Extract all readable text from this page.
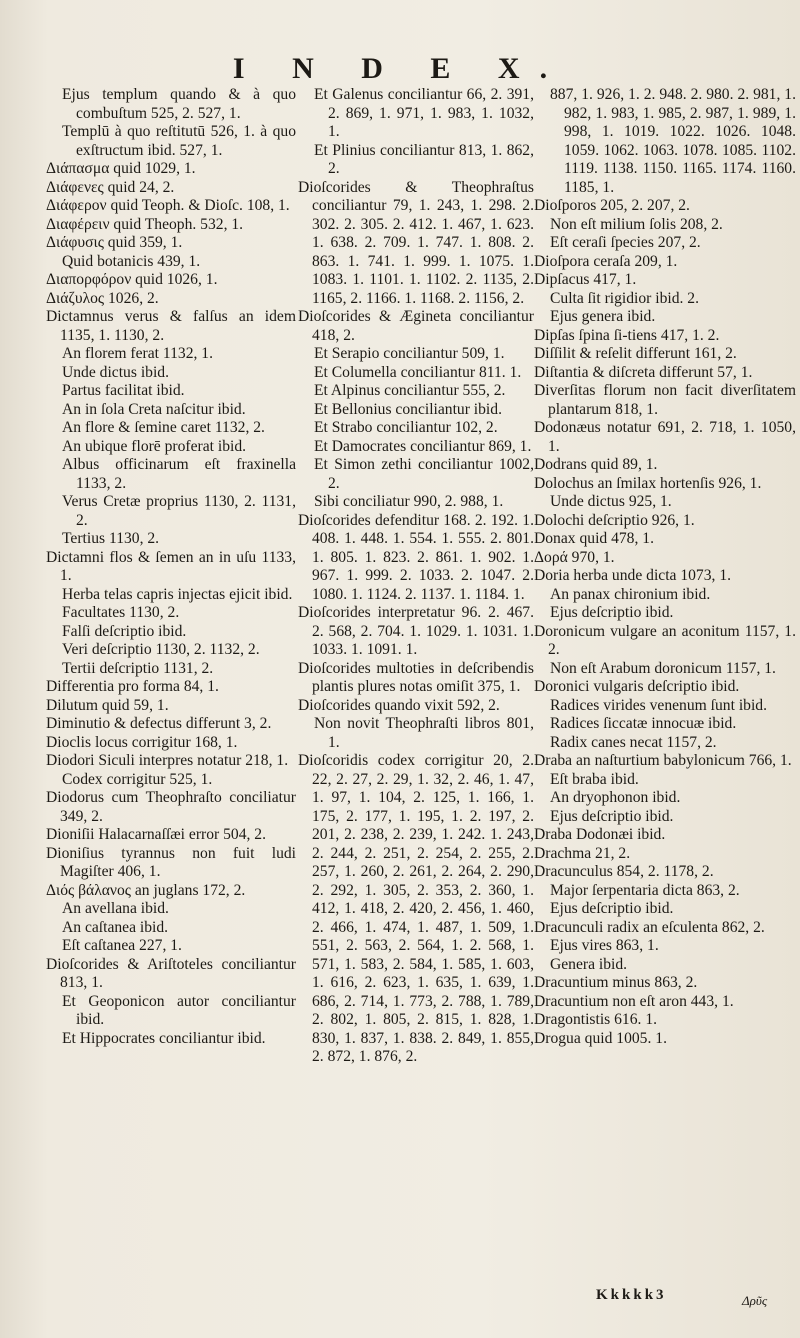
I N D E X.

Ejus templum quando & à quo combuſtum 525, 2. 527, 1.

Templū à quo reſtitutū 526, 1. à quo exſtructum ibid. 527, 1.

Διάπασμα quid 1029, 1.

Διάφενες quid 24, 2.

Διάφερον quid Teoph. & Dioſc. 108, 1.

Διαφέρειν quid Theoph. 532, 1.

Διάφυσις quid 359, 1.

Quid botanicis 439, 1.

Διαπορφόρον quid 1026, 1.

Διάζυλος 1026, 2.

Dictamnus verus & falſus an idem 1135, 1. 1130, 2.

An florem ferat 1132, 1.

Unde dictus ibid.

Partus facilitat ibid.

An in ſola Creta naſcitur ibid.

An flore & ſemine caret 1132, 2.

An ubique florē proferat ibid.

Albus officinarum eſt fraxinella 1133, 2.

Verus Cretæ proprius 1130, 2. 1131, 2.

Tertius 1130, 2.

Dictamni flos & ſemen an in uſu 1133, 1.

Herba telas capris injectas ejicit ibid.

Facultates 1130, 2.

Falſi deſcriptio ibid.

Veri deſcriptio 1130, 2. 1132, 2.

Tertii deſcriptio 1131, 2.

Differentia pro forma 84, 1.

Dilutum quid 59, 1.

Diminutio & defectus differunt 3, 2.

Dioclis locus corrigitur 168, 1.

Diodori Siculi interpres notatur 218, 1.

Codex corrigitur 525, 1.

Diodorus cum Theophraſto conciliatur 349, 2.

Dioniſii Halacarnaſſæi error 504, 2.

Dioniſius tyrannus non fuit ludi Magiſter 406, 1.

Διός βάλανος an juglans 172, 2.

An avellana ibid.

An caſtanea ibid.

Eſt caſtanea 227, 1.

Dioſcorides & Ariſtoteles conciliantur 813, 1.

Et Geoponicon autor conciliantur ibid.

Et Hippocrates conciliantur ibid.

Et Galenus conciliantur 66, 2. 391, 2. 869, 1. 971, 1. 983, 1. 1032, 1.

Et Plinius conciliantur 813, 1. 862, 2.

Dioſcorides & Theophraſtus conciliantur 79, 1. 243, 1. 298. 2. 302. 2. 305. 2. 412. 1. 467, 1. 623. 1. 638. 2. 709. 1. 747. 1. 808. 2. 863. 1. 741. 1. 999. 1. 1075. 1. 1083. 1. 1101. 1. 1102. 2. 1135, 2. 1165, 2. 1166. 1. 1168. 2. 1156, 2.

Dioſcorides & Ægineta conciliantur 418, 2.

Et Serapio conciliantur 509, 1.

Et Columella conciliantur 811. 1.

Et Alpinus conciliantur 555, 2.

Et Bellonius conciliantur ibid.

Et Strabo conciliantur 102, 2.

Et Damocrates conciliantur 869, 1.

Et Simon zethi conciliantur 1002, 2.

Sibi conciliatur 990, 2. 988, 1.

Dioſcorides defenditur 168. 2. 192. 1. 408. 1. 448. 1. 554. 1. 555. 2. 801. 1. 805. 1. 823. 2. 861. 1. 902. 1. 967. 1. 999. 2. 1033. 2. 1047. 2. 1080. 1. 1124. 2. 1137. 1. 1184. 1.

Dioſcorides interpretatur 96. 2. 467. 2. 568, 2. 704. 1. 1029. 1. 1031. 1. 1033. 1. 1091. 1.

Dioſcorides multoties in deſcribendis plantis plures notas omiſit 375, 1.

Dioſcorides quando vixit 592, 2.

Non novit Theophraſti libros 801, 1.

Dioſcoridis codex corrigitur 20, 2. 22, 2. 27, 2. 29, 1. 32, 2. 46, 1. 47, 1. 97, 1. 104, 2. 125, 1. 166, 1. 175, 2. 177, 1. 195, 1. 2. 197, 2. 201, 2. 238, 2. 239, 1. 242. 1. 243, 2. 244, 2. 251, 2. 254, 2. 255, 2. 257, 1. 260, 2. 261, 2. 264, 2. 290, 2. 292, 1. 305, 2. 353, 2. 360, 1. 412, 1. 418, 2. 420, 2. 456, 1. 460, 2. 466, 1. 474, 1. 487, 1. 509, 1. 551, 2. 563, 2. 564, 1. 2. 568, 1. 571, 1. 583, 2. 584, 1. 585, 1. 603, 1. 616, 2. 623, 1. 635, 1. 639, 1. 686, 2. 714, 1. 773, 2. 788, 1. 789, 2. 802, 1. 805, 2. 815, 1. 828, 1. 830, 1. 837, 1. 838. 2. 849, 1. 855, 2. 872, 1. 876, 2.

887, 1. 926, 1. 2. 948. 2. 980. 2. 981, 1. 982, 1. 983, 1. 985, 2. 987, 1. 989, 1. 998, 1. 1019. 1022. 1026. 1048. 1059. 1062. 1063. 1078. 1085. 1102. 1119. 1138. 1150. 1165. 1174. 1160. 1185, 1.

Dioſporos 205, 2. 207, 2.

Non eſt milium ſolis 208, 2.

Eſt ceraſi ſpecies 207, 2.

Dioſpora ceraſa 209, 1.

Dipſacus 417, 1.

Culta ſit rigidior ibid. 2.

Ejus genera ibid.

Dipſas ſpina ſi-tiens 417, 1. 2.

Diſſilit & reſelit differunt 161, 2.

Diſtantia & diſcreta differunt 57, 1.

Diverſitas florum non facit diverſitatem plantarum 818, 1.

Dodonæus notatur 691, 2. 718, 1. 1050, 1.

Dodrans quid 89, 1.

Dolochus an ſmilax hortenſis 926, 1.

Unde dictus 925, 1.

Dolochi deſcriptio 926, 1.

Donax quid 478, 1.

Δορά 970, 1.

Doria herba unde dicta 1073, 1.

An panax chironium ibid.

Ejus deſcriptio ibid.

Doronicum vulgare an aconitum 1157, 1. 2.

Non eſt Arabum doronicum 1157, 1.

Doronici vulgaris deſcriptio ibid.

Radices virides venenum ſunt ibid.

Radices ſiccatæ innocuæ ibid.

Radix canes necat 1157, 2.

Draba an naſturtium babylonicum 766, 1.

Eſt braba ibid.

An dryophonon ibid.

Ejus deſcriptio ibid.

Draba Dodonæi ibid.

Drachma 21, 2.

Dracunculus 854, 2. 1178, 2.

Major ſerpentaria dicta 863, 2.

Ejus deſcriptio ibid.

Dracunculi radix an eſculenta 862, 2.

Ejus vires 863, 1.

Genera ibid.

Dracuntium minus 863, 2.

Dracuntium non eſt aron 443, 1.

Dragontistis 616. 1.

Drogua quid 1005. 1.

Kkkkk3	Δρῦς
